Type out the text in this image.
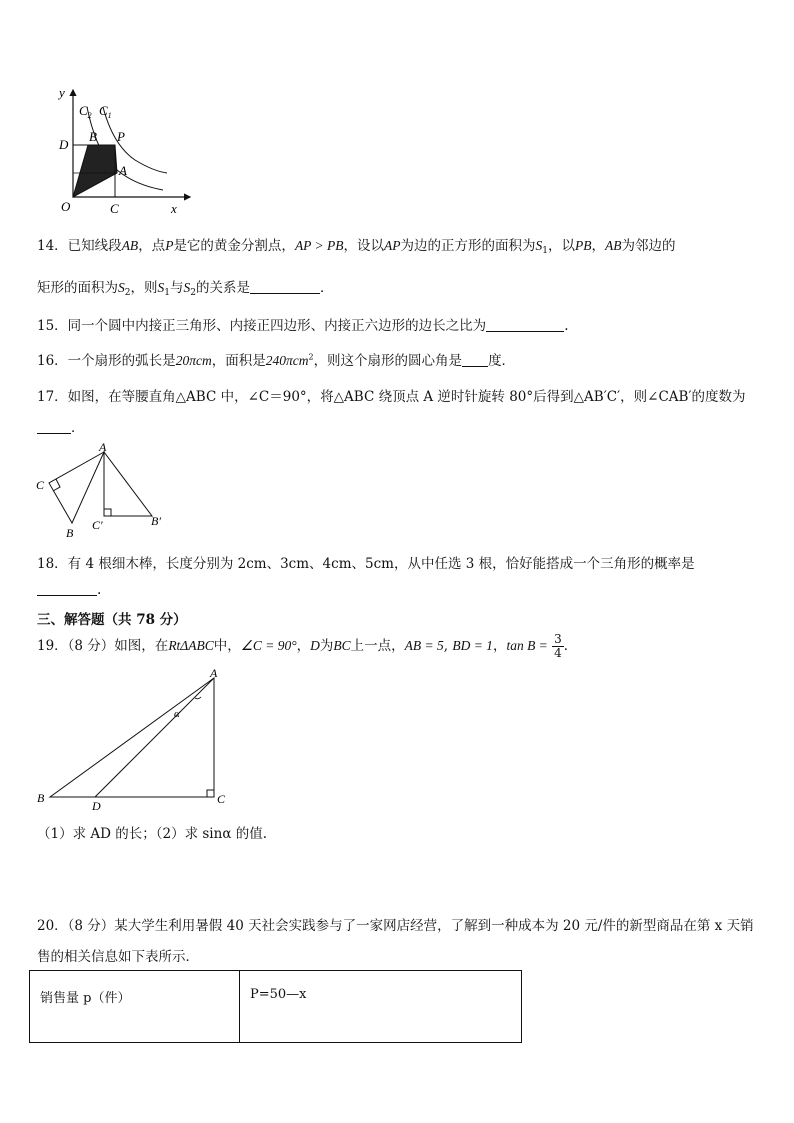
y
x
O
$C_2$ $C_1$
D
B P
A
C
14．已知线段AB，点P是它的黄金分割点，AP > PB，设以AP为边的正方形的面积为$S_1$，以PB，AB为邻边的
矩形的面积为$S_2$，则$S_1$与$S_2$的关系是	．
15．同一个圆中内接正三角形、内接正四边形、内接正六边形的边长之比为	.
16．一个扇形的弧长是20πcm，面积是240πcm$^2$，则这个扇形的圆心角是 度．
17．如图，在等腰直角△ABC 中，∠C＝90°，将△ABC 绕顶点 A 逆时针旋转 80°后得到△AB′C′，则∠CAB′的度数为
．
A
C
B
C′	B′
18．有 4 根细木棒，长度分别为 2cm、3cm、4cm、5cm，从中任选 3 根，恰好能搭成一个三角形的概率是
.
三、解答题（共 78 分）
19．（8 分）如图，在RtΔABC中，∠C = 90°，D为BC上一点，AB = 5, BD = 1，$\tan B = \frac{3}{4}$ ．
A
B	C
D
α
（1）求 AD 的长；（2）求 sinα 的值.
20．（8 分）某大学生利用暑假 40 天社会实践参与了一家网店经营，了解到一种成本为 20 元/件的新型商品在第 x 天销
售的相关信息如下表所示．
销售量 p（件）	P=50—x
